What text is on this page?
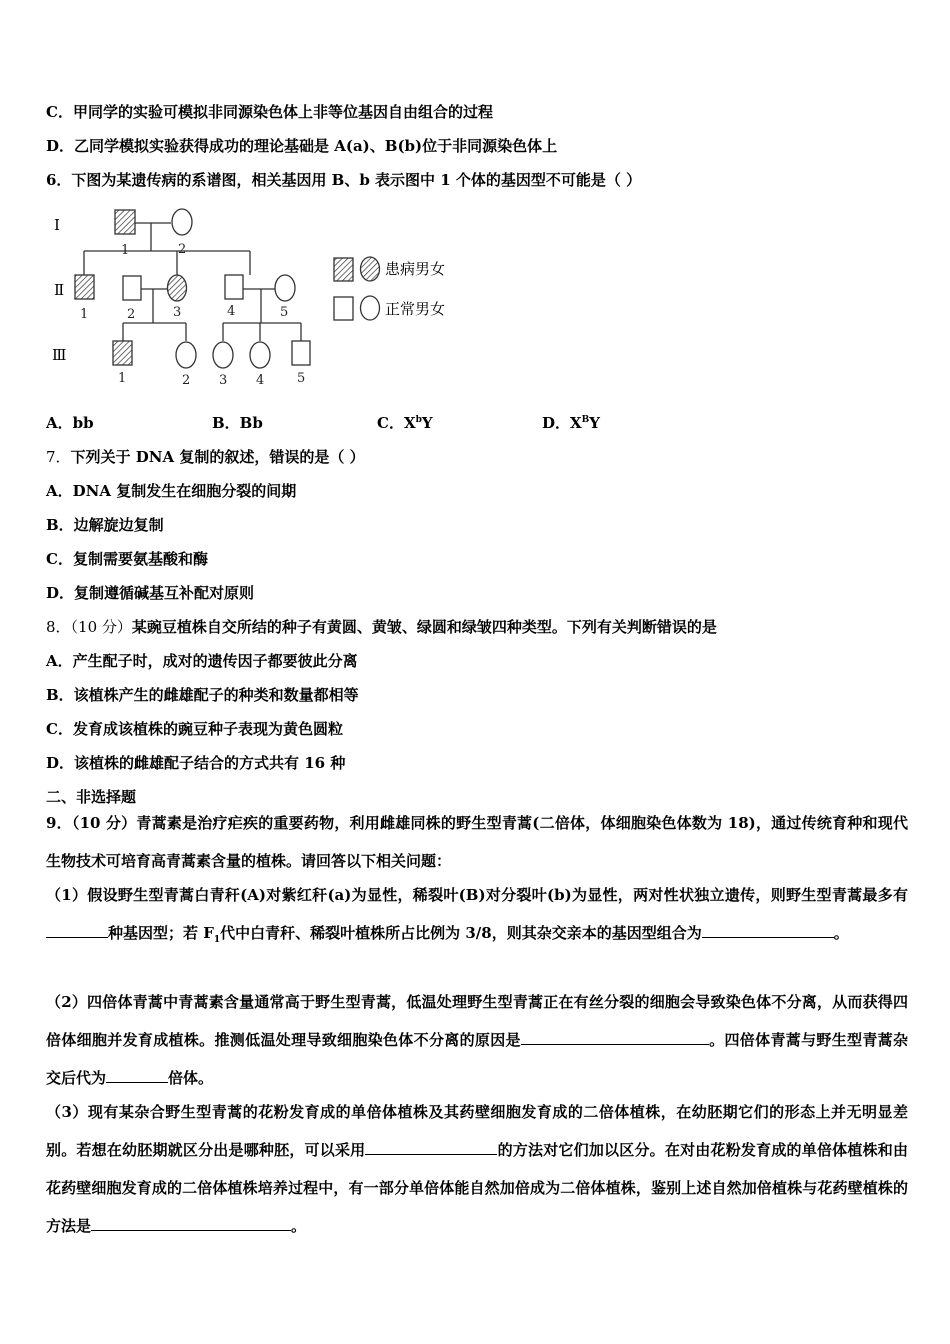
C．甲同学的实验可模拟非同源染色体上非等位基因自由组合的过程
D．乙同学模拟实验获得成功的理论基础是 A(a)、B(b)位于非同源染色体上
6．下图为某遗传病的系谱图，相关基因用 B、b 表示图中 1 个体的基因型不可能是（ ）
Ⅰ
Ⅱ
Ⅲ
1	2
1	2	3	4	5
1	2 3 4	5
患病男女
正常男女
A．bb	B．Bb	C．$X^bY$	D．$X^BY$
7．下列关于 DNA 复制的叙述，错误的是（ ）
A．DNA 复制发生在细胞分裂的间期
B．边解旋边复制
C．复制需要氨基酸和酶
D．复制遵循碱基互补配对原则
8．（10 分）某豌豆植株自交所结的种子有黄圆、黄皱、绿圆和绿皱四种类型。下列有关判断错误的是
A．产生配子时，成对的遗传因子都要彼此分离
B．该植株产生的雌雄配子的种类和数量都相等
C．发育成该植株的豌豆种子表现为黄色圆粒
D．该植株的雌雄配子结合的方式共有 16 种
二、非选择题
9．（10 分）青蒿素是治疗疟疾的重要药物，利用雌雄同株的野生型青蒿(二倍体，体细胞染色体数为 18)，通过传统育种和现代生物技术可培育高青蒿素含量的植株。请回答以下相关问题：
（1）假设野生型青蒿白青秆(A)对紫红秆(a)为显性，稀裂叶(B)对分裂叶(b)为显性，两对性状独立遗传，则野生型青蒿最多有种基因型；若 $F_1$代中白青秆、稀裂叶植株所占比例为 3/8，则其杂交亲本的基因型组合为	。
（2）四倍体青蒿中青蒿素含量通常高于野生型青蒿，低温处理野生型青蒿正在有丝分裂的细胞会导致染色体不分离，从而获得四倍体细胞并发育成植株。推测低温处理导致细胞染色体不分离的原因是	。四倍体青蒿与野生型青蒿杂交后代为	倍体。
（3）现有某杂合野生型青蒿的花粉发育成的单倍体植株及其药壁细胞发育成的二倍体植株，在幼胚期它们的形态上并无明显差别。若想在幼胚期就区分出是哪种胚，可以采用	的方法对它们加以区分。在对由花粉发育成的单倍体植株和由花药壁细胞发育成的二倍体植株培养过程中，有一部分单倍体能自然加倍成为二倍体植株，鉴别上述自然加倍植株与花药壁植株的方法是	。
